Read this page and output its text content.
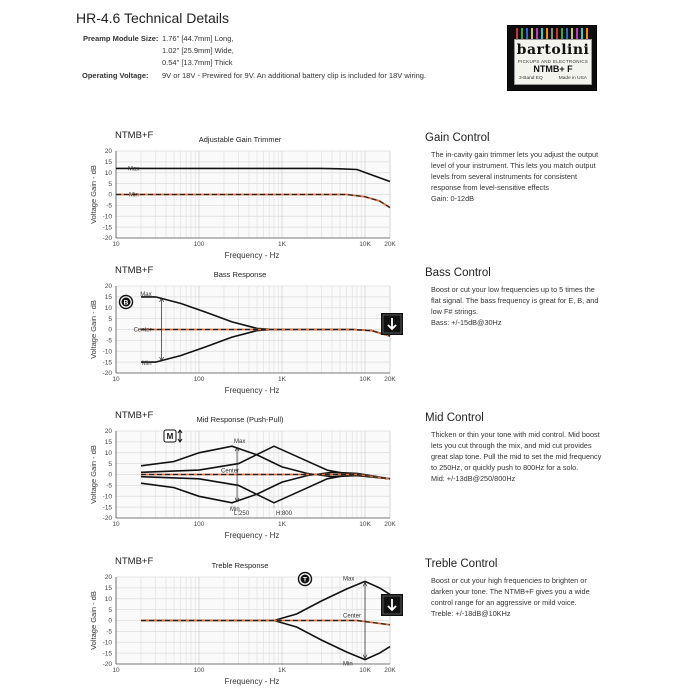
HR-4.6 Technical Details
Preamp Module Size: 1.76" [44.7mm] Long,
1.02" [25.9mm] Wide,
0.54" [13.7mm] Thick
Operating Voltage: 9V or 18V - Prewired for 9V. An additional battery clip is included for 18V wiring.
bartolini
PICKUPS AND ELECTRONICS
NTMB+ F
3-Band EQ	Made in USA
20
15
10
5
0
-5
-10
-15
-20
10	100	1K	10K 20K
NTMB+F	Adjustable Gain Trimmer
Frequency - Hz
Voltage Gain - dB	Max
Min
Gain Control
The in-cavity gain trimmer lets you adjust the output
level of your instrument. This lets you match output
levels from several instruments for consistent
response from level-sensitive effects
Gain: 0-12dB
20
15
10
5
0
-5
-10
-15
-20
10	100	1K	10K 20K
NTMB+F	Bass Response
Frequency - Hz
Voltage Gain - dB
Max
Center
Min
B
Bass Control
Boost or cut your low frequencies up to 5 times the
flat signal. The bass frequency is great for E, B, and
low F# strings.
Bass: +/-15dB@30Hz
20
15
10
5
0
-5
-10
-15
-20
10	100	1K	10K 20K
NTMB+F	Mid Response (Push-Pull)
Frequency - Hz
Voltage Gain - dB
Max
Center
Min
L:250	H:800
M
Mid Control
Thicken or thin your tone with mid control. Mid boost
lets you cut through the mix, and mid cut provides
great slap tone. Pull the mid to set the mid frequency
to 250Hz, or quickly push to 800Hz for a solo.
Mid: +/-13dB@250/800Hz
20
15
10
5
0
-5
-10
-15
-20
10	100	1K	10K 20K
NTMB+F	Treble Response
Frequency - Hz
Voltage Gain - dB
Max
Center
Min
T
Treble Control
Boost or cut your high frequencies to brighten or
darken your tone. The NTMB+F gives you a wide
control range for an aggressive or mild voice.
Treble: +/-18dB@10KHz
